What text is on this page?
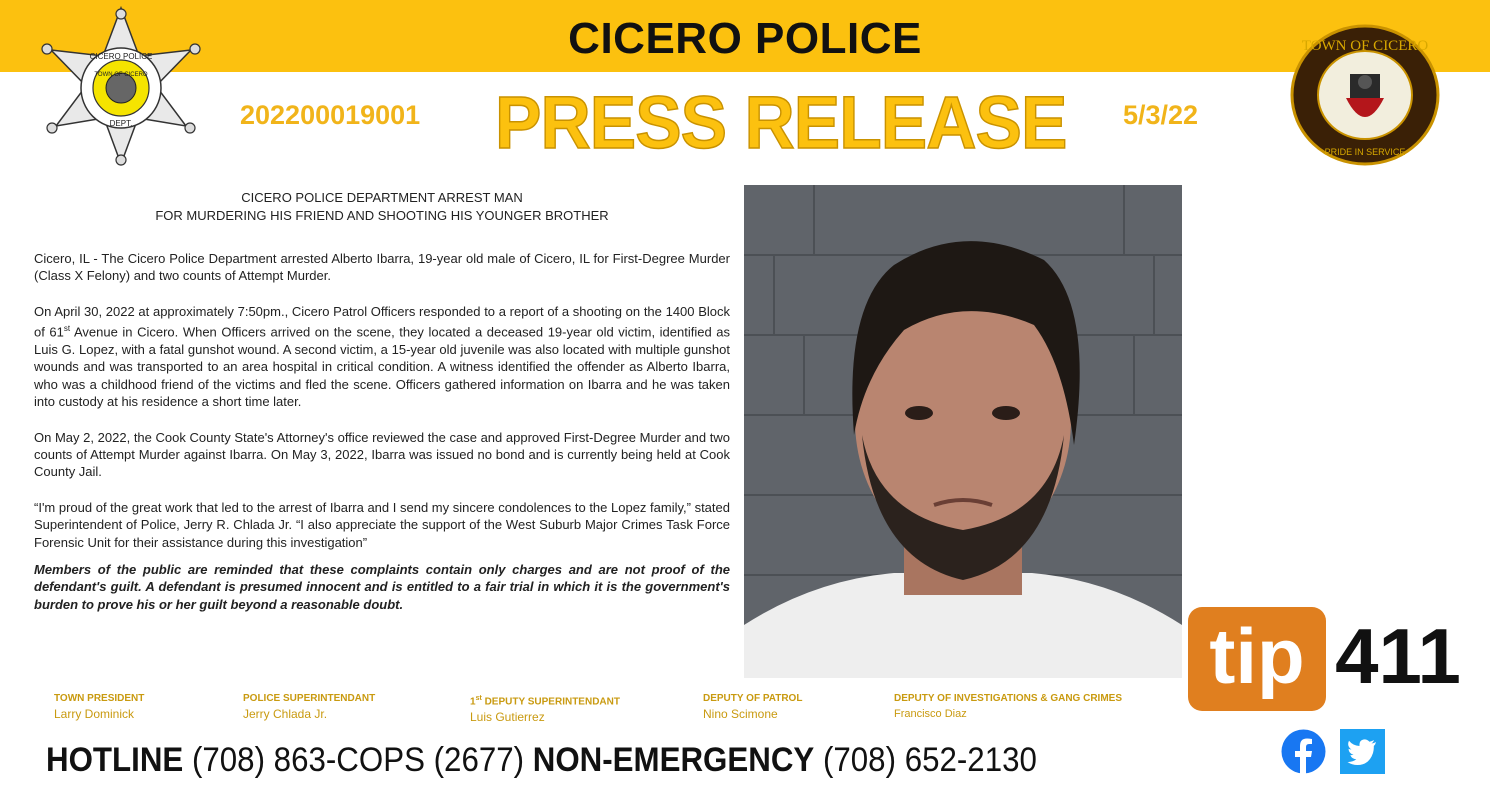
CICERO POLICE
CICERO POLICE
TOWN OF CICERO
DEPT.
TOWN OF CICERO
PRIDE IN SERVICE
202200019001 PRESS RELEASE 5/3/22
CICERO POLICE DEPARTMENT ARREST MAN
FOR MURDERING HIS FRIEND AND SHOOTING HIS YOUNGER BROTHER

Cicero, IL - The Cicero Police Department arrested Alberto Ibarra, 19-year old male of Cicero, IL for First-Degree Murder (Class X Felony) and two counts of Attempt Murder.

On April 30, 2022 at approximately 7:50pm., Cicero Patrol Officers responded to a report of a shooting on the 1400 Block of 61st Avenue in Cicero. When Officers arrived on the scene, they located a deceased 19-year old victim, identified as Luis G. Lopez, with a fatal gunshot wound. A second victim, a 15-year old juvenile was also located with multiple gunshot wounds and was transported to an area hospital in critical condition. A witness identified the offender as Alberto Ibarra, who was a childhood friend of the victims and fled the scene. Officers gathered information on Ibarra and he was taken into custody at his residence a short time later.

On May 2, 2022, the Cook County State's Attorney's office reviewed the case and approved First-Degree Murder and two counts of Attempt Murder against Ibarra. On May 3, 2022, Ibarra was issued no bond and is currently being held at Cook County Jail.

“I'm proud of the great work that led to the arrest of Ibarra and I send my sincere condolences to the Lopez family,” stated Superintendent of Police, Jerry R. Chlada Jr. “I also appreciate the support of the West Suburb Major Crimes Task Force Forensic Unit for their assistance during this investigation”

Members of the public are reminded that these complaints contain only charges and are not proof of the defendant's guilt. A defendant is presumed innocent and is entitled to a fair trial in which it is the government's burden to prove his or her guilt beyond a reasonable doubt.

tip 411
TOWN PRESIDENT
Larry Dominick
POLICE SUPERINTENDANT
Jerry Chlada Jr.
1st DEPUTY SUPERINTENDANT
Luis Gutierrez
DEPUTY OF PATROL
Nino Scimone
DEPUTY OF INVESTIGATIONS & GANG CRIMES
Francisco Diaz
HOTLINE (708) 863-COPS (2677) NON-EMERGENCY (708) 652-2130
